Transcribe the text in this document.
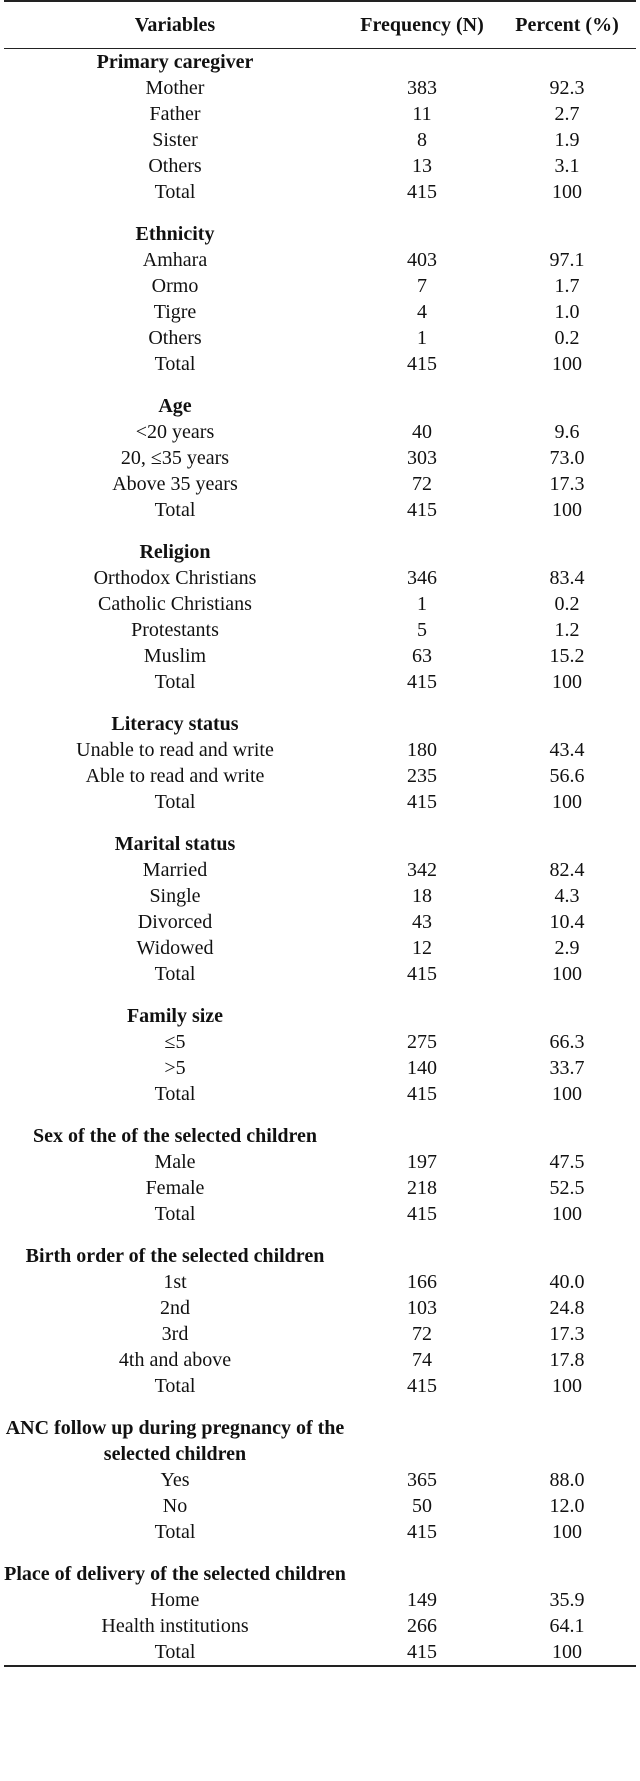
Variables	Frequency (N)	Percent (%)
Primary caregiver		
Mother	383	92.3
Father	11	2.7
Sister	8	1.9
Others	13	3.1
Total	415	100

Ethnicity		
Amhara	403	97.1
Ormo	7	1.7
Tigre	4	1.0
Others	1	0.2
Total	415	100

Age		
<20 years	40	9.6
20, ≤35 years	303	73.0
Above 35 years	72	17.3
Total	415	100

Religion		
Orthodox Christians	346	83.4
Catholic Christians	1	0.2
Protestants	5	1.2
Muslim	63	15.2
Total	415	100

Literacy status		
Unable to read and write	180	43.4
Able to read and write	235	56.6
Total	415	100

Marital status		
Married	342	82.4
Single	18	4.3
Divorced	43	10.4
Widowed	12	2.9
Total	415	100

Family size		
≤5	275	66.3
>5	140	33.7
Total	415	100

Sex of the of the selected children		
Male	197	47.5
Female	218	52.5
Total	415	100

Birth order of the selected children		
1st	166	40.0
2nd	103	24.8
3rd	72	17.3
4th and above	74	17.8
Total	415	100

ANC follow up during pregnancy of the selected children		
Yes	365	88.0
No	50	12.0
Total	415	100

Place of delivery of the selected children		
Home	149	35.9
Health institutions	266	64.1
Total	415	100
